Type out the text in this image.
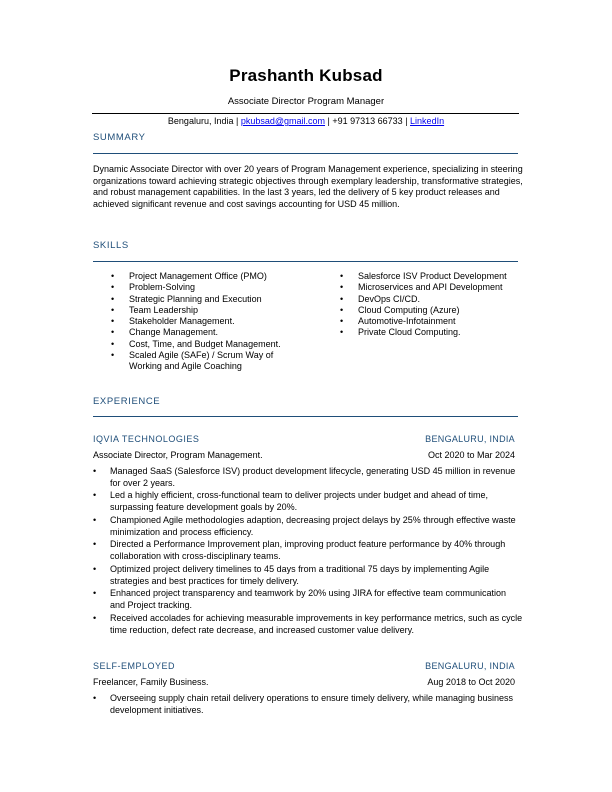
Prashanth Kubsad
Associate Director Program Manager
Bengaluru, India | pkubsad@gmail.com | +91 97313 66733 | LinkedIn
SUMMARY
Dynamic Associate Director with over 20 years of Program Management experience, specializing in steering organizations toward achieving strategic objectives through exemplary leadership, transformative strategies, and robust management capabilities. In the last 3 years, led the delivery of 5 key product releases and achieved significant revenue and cost savings accounting for USD 45 million.
SKILLS
• Project Management Office (PMO)
• Problem-Solving
• Strategic Planning and Execution
• Team Leadership
• Stakeholder Management.
• Change Management.
• Cost, Time, and Budget Management.
• Scaled Agile (SAFe) / Scrum Way of Working and Agile Coaching
• Salesforce ISV Product Development
• Microservices and API Development
• DevOps CI/CD.
• Cloud Computing (Azure)
• Automotive-Infotainment
• Private Cloud Computing.
EXPERIENCE
IQVIA TECHNOLOGIES	BENGALURU, INDIA
Associate Director, Program Management.	Oct 2020 to Mar 2024
• Managed SaaS (Salesforce ISV) product development lifecycle, generating USD 45 million in revenue for over 2 years.
• Led a highly efficient, cross-functional team to deliver projects under budget and ahead of time, surpassing feature development goals by 20%.
• Championed Agile methodologies adaption, decreasing project delays by 25% through effective waste minimization and process efficiency.
• Directed a Performance Improvement plan, improving product feature performance by 40% through collaboration with cross-disciplinary teams.
• Optimized project delivery timelines to 45 days from a traditional 75 days by implementing Agile strategies and best practices for timely delivery.
• Enhanced project transparency and teamwork by 20% using JIRA for effective team communication and Project tracking.
• Received accolades for achieving measurable improvements in key performance metrics, such as cycle time reduction, defect rate decrease, and increased customer value delivery.
SELF-EMPLOYED	BENGALURU, INDIA
Freelancer, Family Business.	Aug 2018 to Oct 2020
• Overseeing supply chain retail delivery operations to ensure timely delivery, while managing business development initiatives.
